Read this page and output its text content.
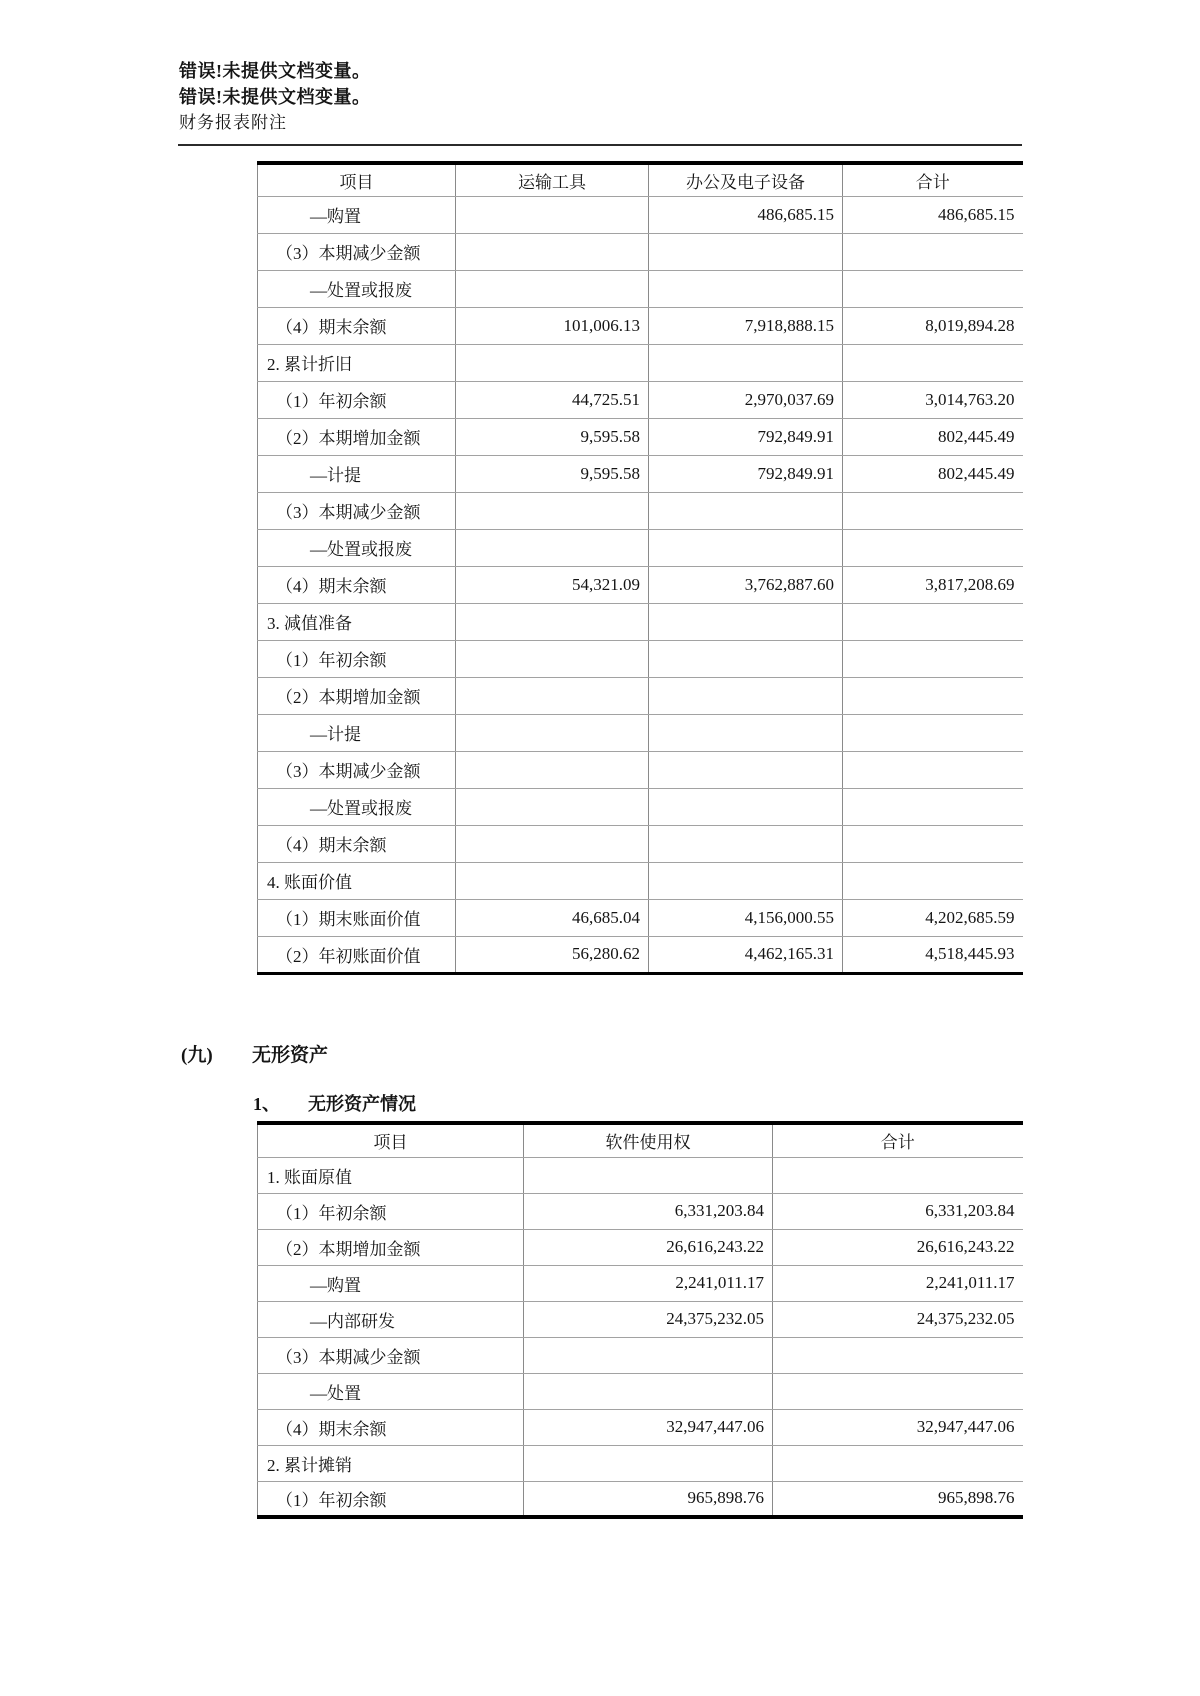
错误!未提供文档变量。
错误!未提供文档变量。
财务报表附注
项目	运输工具	办公及电子设备	合计
—购置		486,685.15	486,685.15
（3）本期减少金额			
—处置或报废			
（4）期末余额	101,006.13	7,918,888.15	8,019,894.28
2. 累计折旧			
（1）年初余额	44,725.51	2,970,037.69	3,014,763.20
（2）本期增加金额	9,595.58	792,849.91	802,445.49
—计提	9,595.58	792,849.91	802,445.49
（3）本期减少金额			
—处置或报废			
（4）期末余额	54,321.09	3,762,887.60	3,817,208.69
3. 减值准备			
（1）年初余额			
（2）本期增加金额			
—计提			
（3）本期减少金额			
—处置或报废			
（4）期末余额			
4. 账面价值			
（1）期末账面价值	46,685.04	4,156,000.55	4,202,685.59
（2）年初账面价值	56,280.62	4,462,165.31	4,518,445.93
(九)	无形资产
1、	无形资产情况
项目	软件使用权	合计
1. 账面原值		
（1）年初余额	6,331,203.84	6,331,203.84
（2）本期增加金额	26,616,243.22	26,616,243.22
—购置	2,241,011.17	2,241,011.17
—内部研发	24,375,232.05	24,375,232.05
（3）本期减少金额		
—处置		
（4）期末余额	32,947,447.06	32,947,447.06
2. 累计摊销		
（1）年初余额	965,898.76	965,898.76
